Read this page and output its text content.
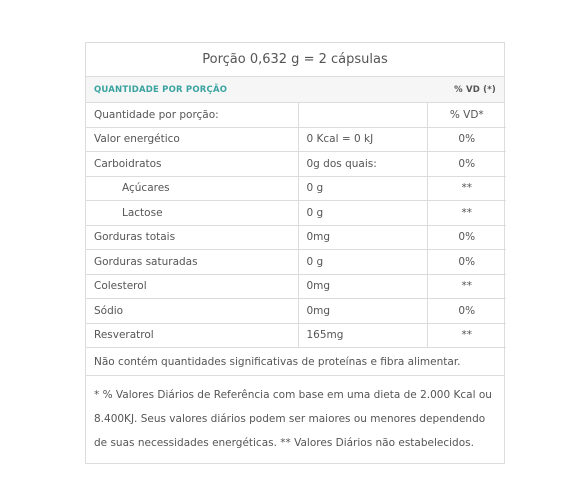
Porção 0,632 g = 2 cápsulas
QUANTIDADE POR PORÇÃO	% VD (*)
Quantidade por porção:		% VD*
Valor energético	0 Kcal = 0 kJ	0%
Carboidratos	0g dos quais:	0%
Açúcares	0 g	**
Lactose	0 g	**
Gorduras totais	0mg	0%
Gorduras saturadas	0 g	0%
Colesterol	0mg	**
Sódio	0mg	0%
Resveratrol	165mg	**
Não contém quantidades significativas de proteínas e fibra alimentar.
* % Valores Diários de Referência com base em uma dieta de 2.000 Kcal ou 8.400KJ. Seus valores diários podem ser maiores ou menores dependendo de suas necessidades energéticas. ** Valores Diários não estabelecidos.
